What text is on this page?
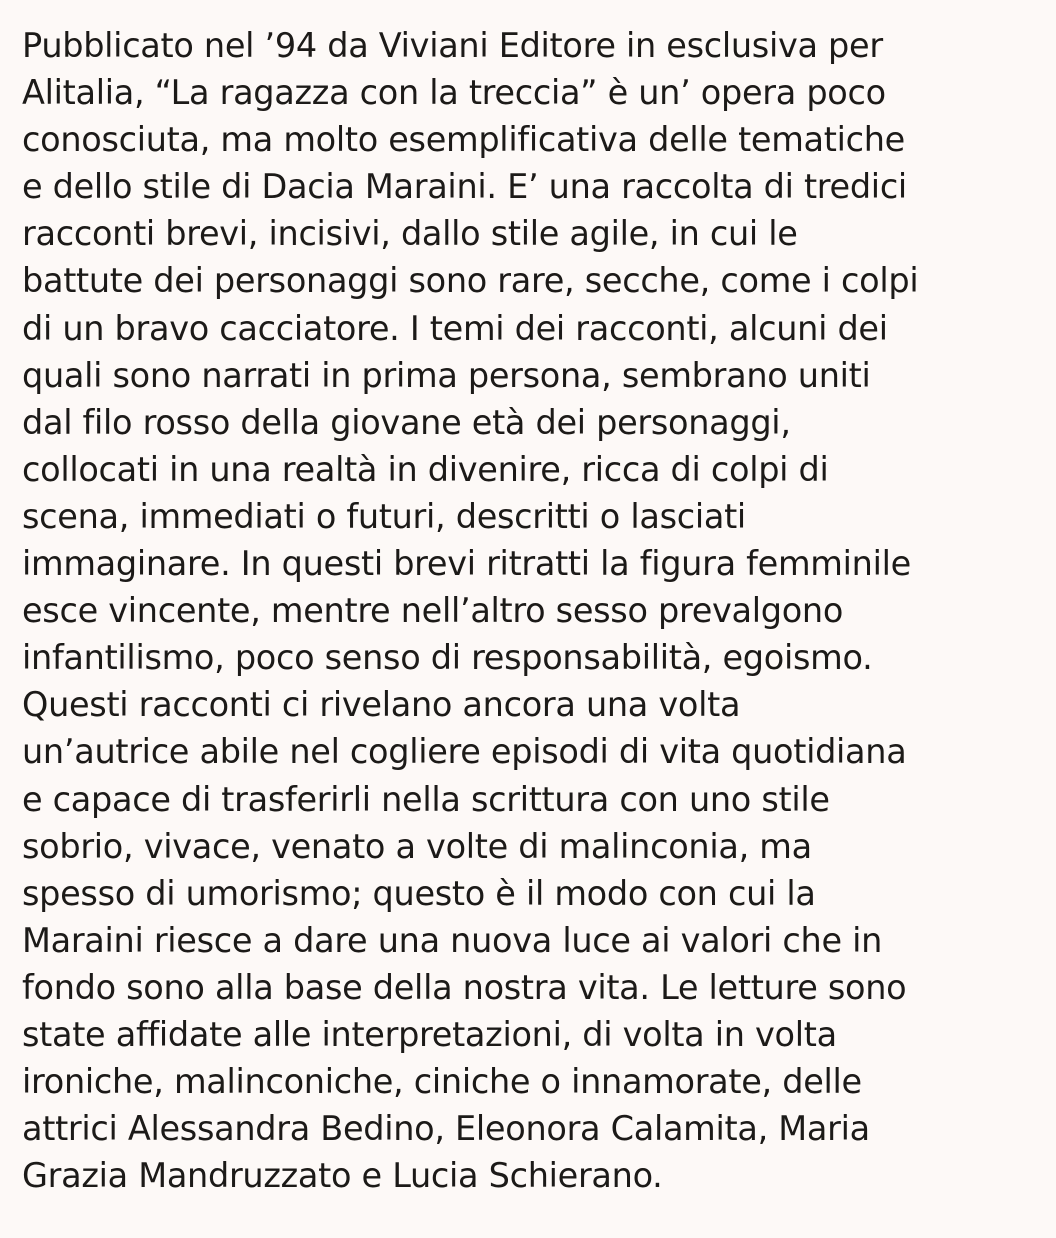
Pubblicato nel ’94 da Viviani Editore in esclusiva per
Alitalia, “La ragazza con la treccia” è un’ opera poco
conosciuta, ma molto esemplificativa delle tematiche
e dello stile di Dacia Maraini. E’ una raccolta di tredici
racconti brevi, incisivi, dallo stile agile, in cui le
battute dei personaggi sono rare, secche, come i colpi
di un bravo cacciatore. I temi dei racconti, alcuni dei
quali sono narrati in prima persona, sembrano uniti
dal filo rosso della giovane età dei personaggi,
collocati in una realtà in divenire, ricca di colpi di
scena, immediati o futuri, descritti o lasciati
immaginare. In questi brevi ritratti la figura femminile
esce vincente, mentre nell’altro sesso prevalgono
infantilismo, poco senso di responsabilità, egoismo.
Questi racconti ci rivelano ancora una volta
un’autrice abile nel cogliere episodi di vita quotidiana
e capace di trasferirli nella scrittura con uno stile
sobrio, vivace, venato a volte di malinconia, ma
spesso di umorismo; questo è il modo con cui la
Maraini riesce a dare una nuova luce ai valori che in
fondo sono alla base della nostra vita. Le letture sono
state affidate alle interpretazioni, di volta in volta
ironiche, malinconiche, ciniche o innamorate, delle
attrici Alessandra Bedino, Eleonora Calamita, Maria
Grazia Mandruzzato e Lucia Schierano.
